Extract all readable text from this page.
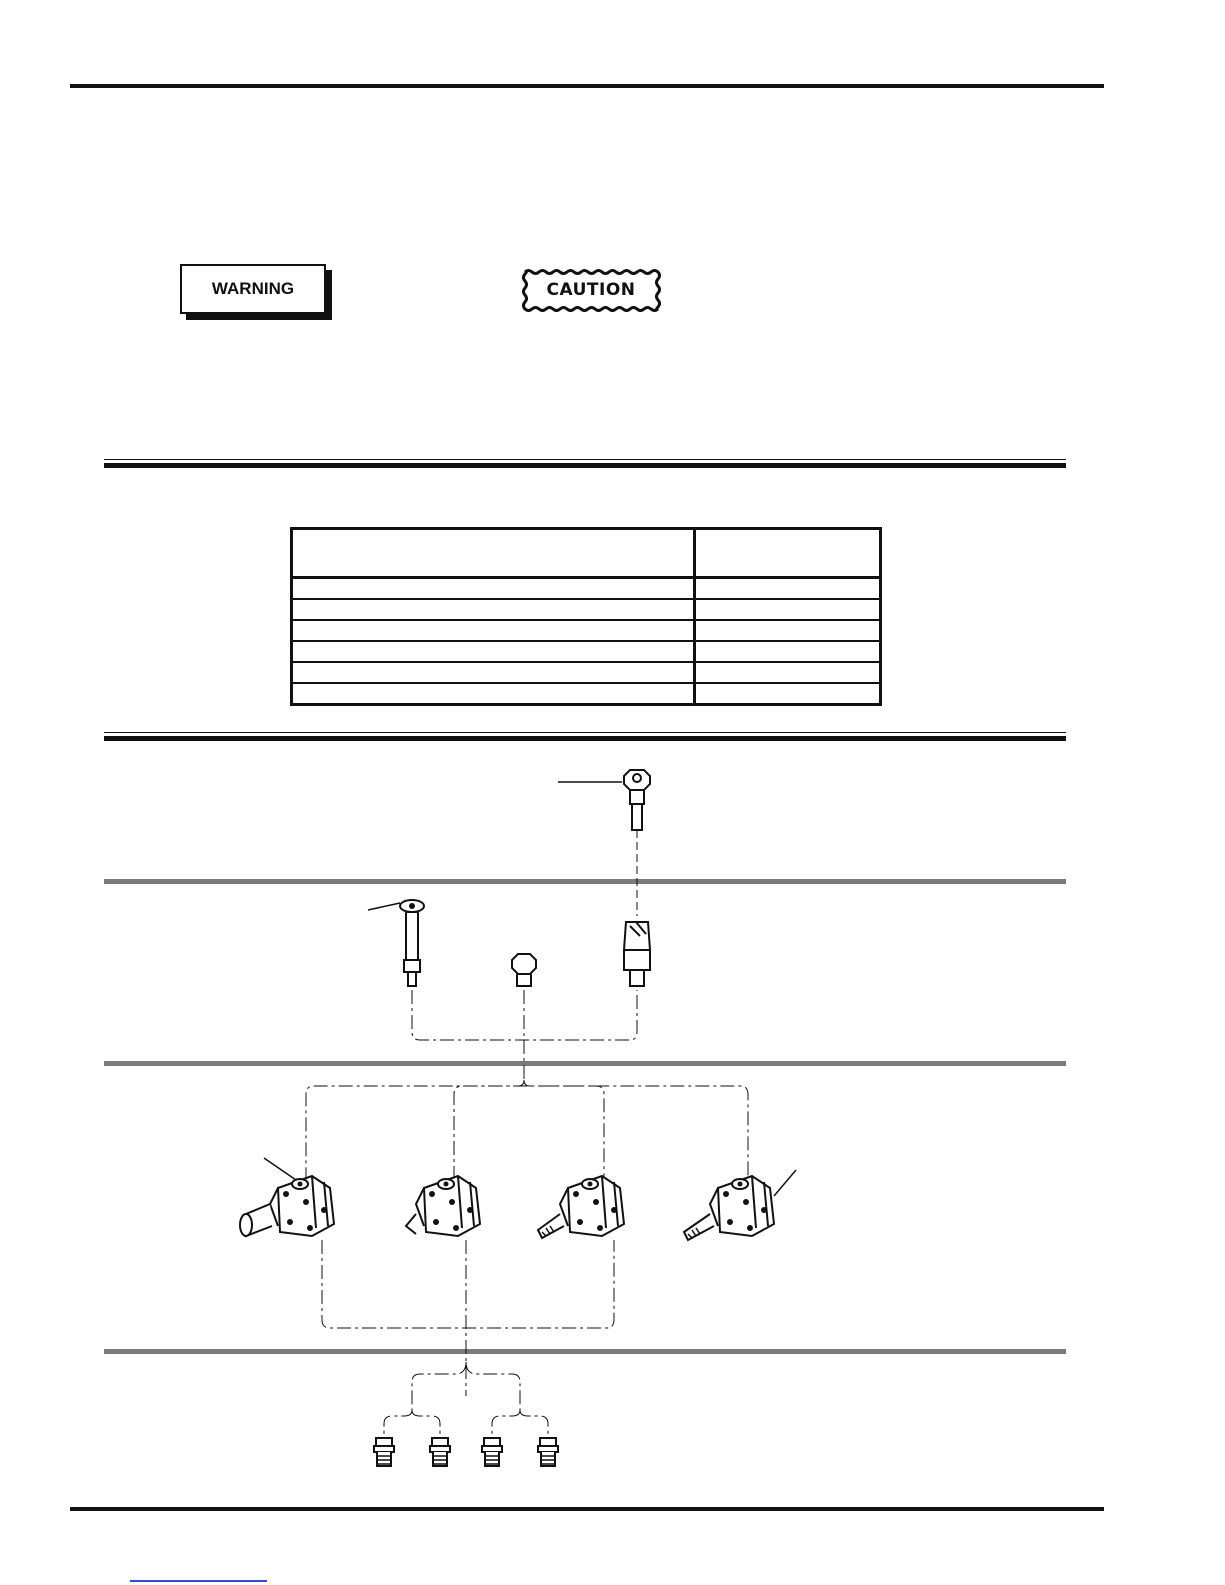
WARNING	CAUTION
